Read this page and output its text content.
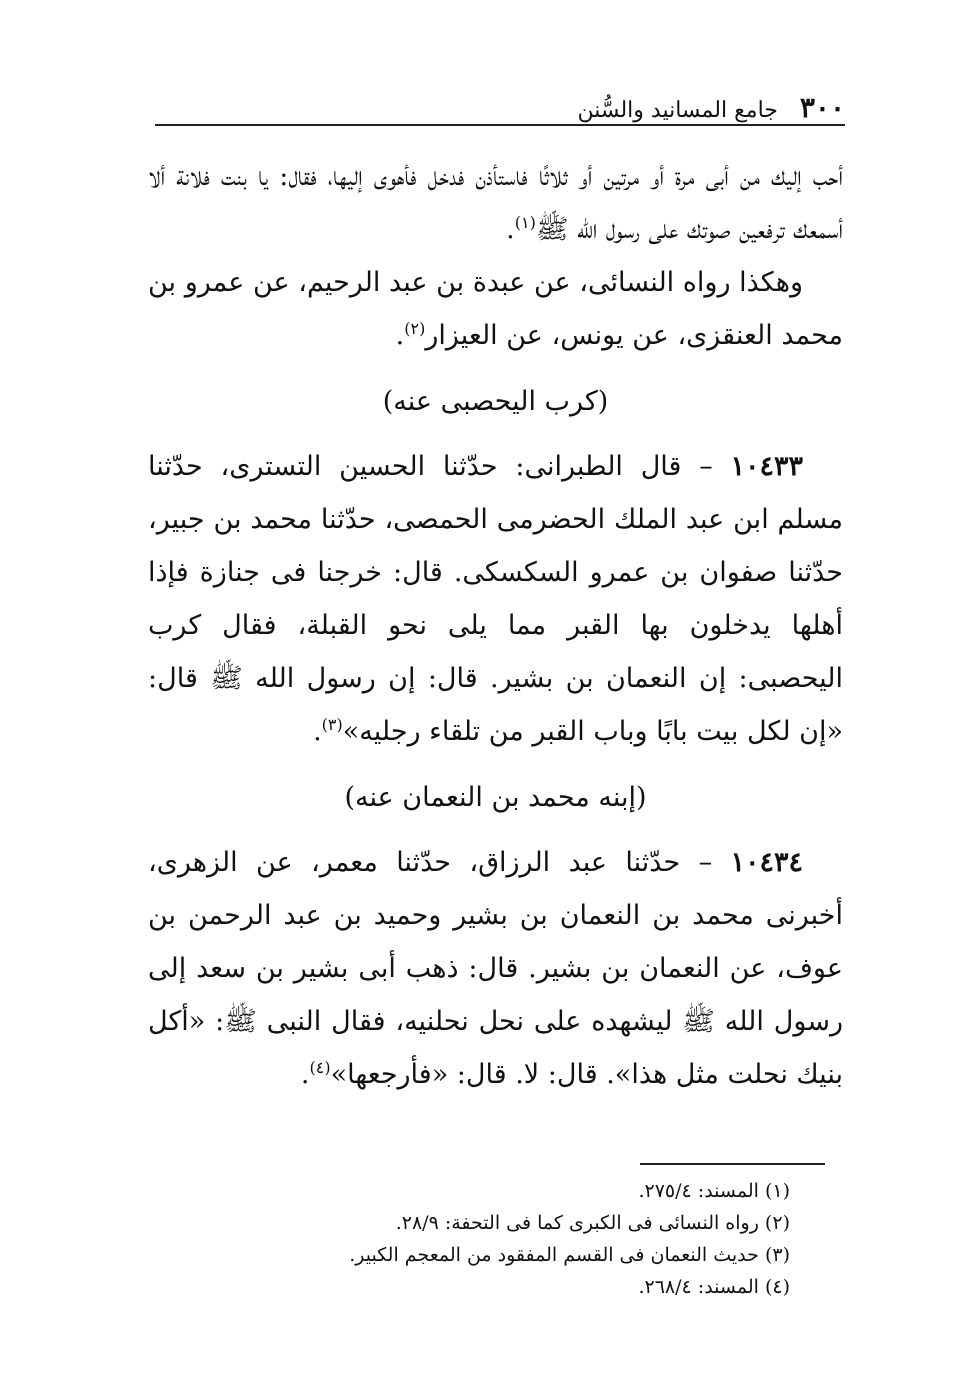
٣٠٠
جامع المسانيد والسُّنن

أحب إليك من أبى مرة أو مرتين أو ثلاثًا فاستأذن فدخل فأهوى إليها، فقال: يا بنت فلانة ألا أسمعك ترفعين صوتك على رسول الله ﷺ$^{(١)}$.

وهكذا رواه النسائى، عن عبدة بن عبد الرحيم، عن عمرو بن محمد العنقزى، عن يونس، عن العيزار$^{(٢)}$.

(كرب اليحصبى عنه)

١٠٤٣٣ – قال الطبرانى: حدّثنا الحسين التسترى، حدّثنا مسلم ابن عبد الملك الحضرمى الحمصى، حدّثنا محمد بن جبير، حدّثنا صفوان بن عمرو السكسكى. قال: خرجنا فى جنازة فإذا أهلها يدخلون بها القبر مما يلى نحو القبلة، فقال كرب اليحصبى: إن النعمان بن بشير. قال: إن رسول الله ﷺ قال: «إن لكل بيت بابًا وباب القبر من تلقاء رجليه»$^{(٣)}$.

(إبنه محمد بن النعمان عنه)

١٠٤٣٤ – حدّثنا عبد الرزاق، حدّثنا معمر، عن الزهرى، أخبرنى محمد بن النعمان بن بشير وحميد بن عبد الرحمن بن عوف، عن النعمان بن بشير. قال: ذهب أبى بشير بن سعد إلى رسول الله ﷺ ليشهده على نحل نحلنيه، فقال النبى ﷺ: «أكل بنيك نحلت مثل هذا». قال: لا. قال: «فأرجعها»$^{(٤)}$.

(١) المسند: ٢٧٥/٤.
(٢) رواه النسائى فى الكبرى كما فى التحفة: ٢٨/٩.
(٣) حديث النعمان فى القسم المفقود من المعجم الكبير.
(٤) المسند: ٢٦٨/٤.
